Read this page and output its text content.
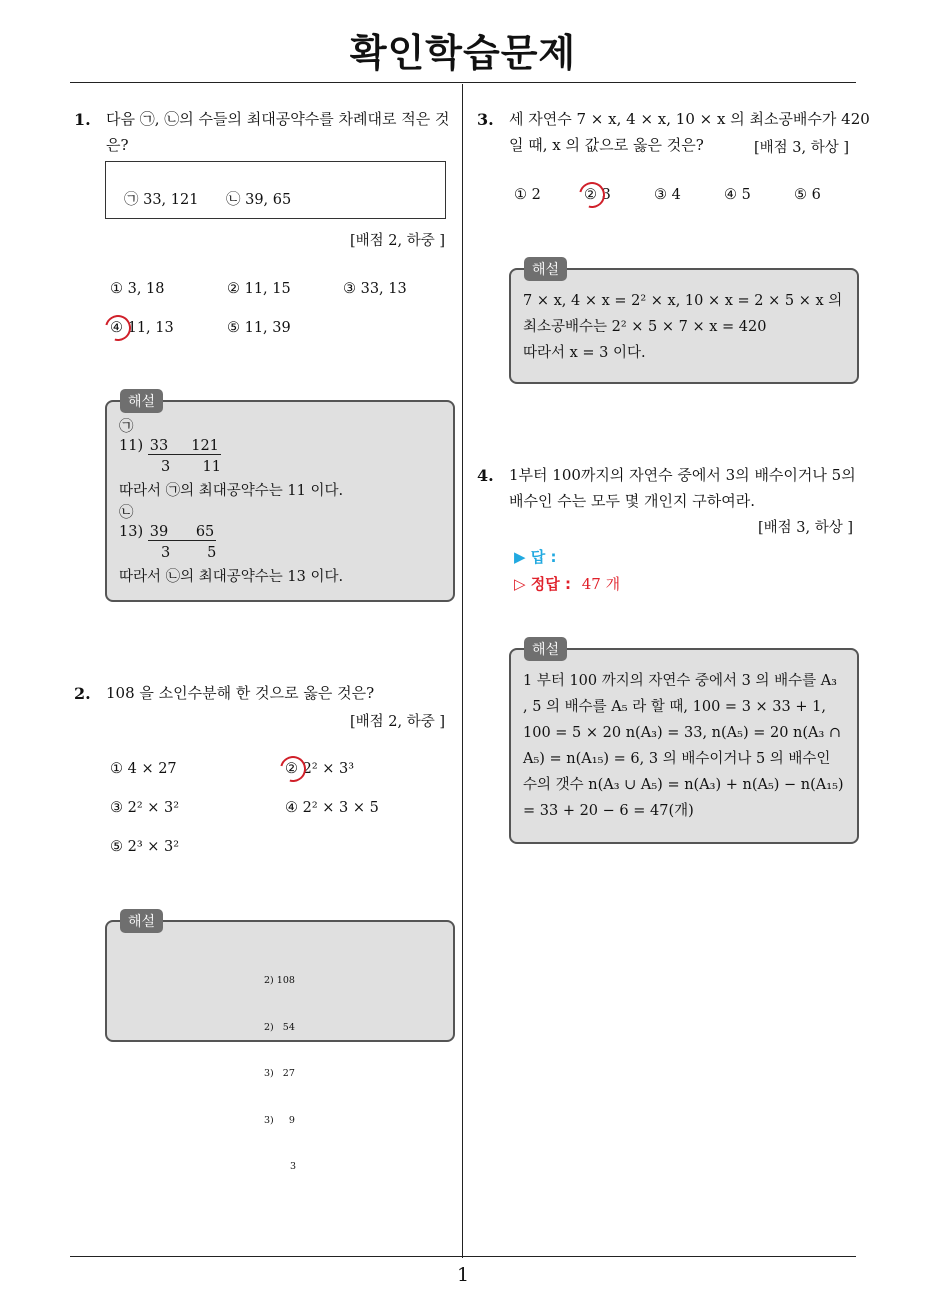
확인학습문제
1. 다음 ㉠, ㉡의 수들의 최대공약수를 차례대로 적은 것
은?
㉠ 33, 121 ㉡ 39, 65
[배점 2, 하중 ]
① 3, 18	② 11, 15	③ 33, 13
④ 11, 13	⑤ 11, 39
㉠
11) 33     121
3       11
따라서 ㉠의 최대공약수는 11 이다.
㉡
13) 39      65
3        5
따라서 ㉡의 최대공약수는 13 이다.
해설
2. 108 을 소인수분해 한 것으로 옳은 것은?
[배점 2, 하중 ]
① 4 × 27	② 2² × 3³
③ 2² × 3²	④ 2² × 3 × 5
⑤ 2³ × 3²

2) 108

2)   54

3)   27

3)     9

3

해설
3. 세 자연수 7 × x, 4 × x, 10 × x 의 최소공배수가 420
일 때, x 의 값으로 옳은 것은?	[배점 3, 하상 ]
① 2	② 3	③ 4	④ 5	⑤ 6
7 × x, 4 × x = 2² × x, 10 × x = 2 × 5 × x 의
최소공배수는 2² × 5 × 7 × x = 420
따라서 x = 3 이다.
해설
4. 1부터 100까지의 자연수 중에서 3의 배수이거나 5의
배수인 수는 모두 몇 개인지 구하여라.
[배점 3, 하상 ]
▶ 답 :
▷ 정답 : 47 개
1 부터 100 까지의 자연수 중에서 3 의 배수를 A₃
, 5 의 배수를 A₅ 라 할 때, 100 = 3 × 33 + 1,
100 = 5 × 20 n(A₃) = 33, n(A₅) = 20 n(A₃ ∩
A₅) = n(A₁₅) = 6, 3 의 배수이거나 5 의 배수인
수의 갯수 n(A₃ ∪ A₅) = n(A₃) + n(A₅) − n(A₁₅)
= 33 + 20 − 6 = 47(개)
해설
1
